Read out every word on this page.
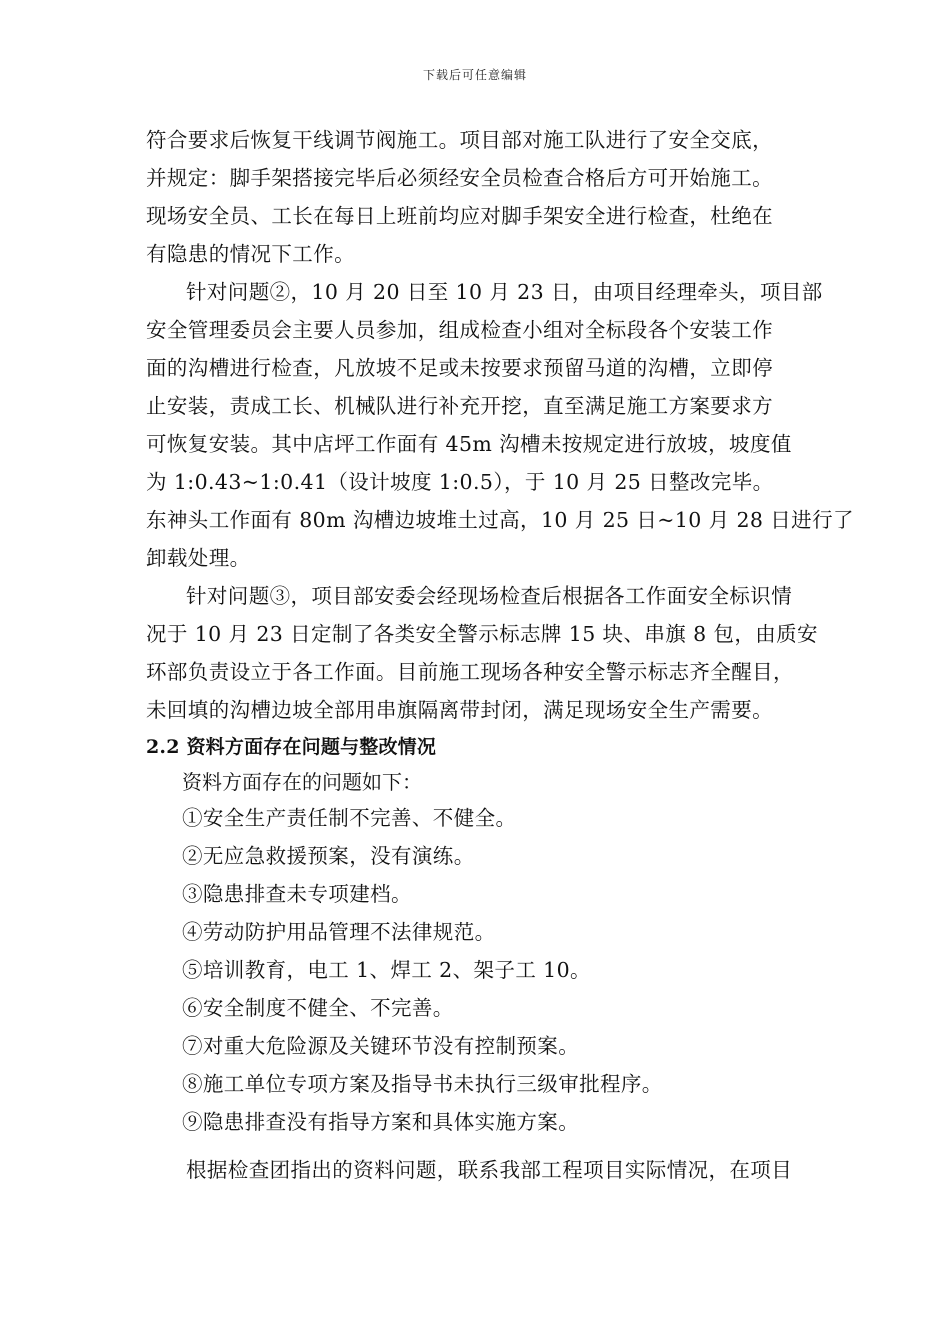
下载后可任意编辑
符合要求后恢复干线调节阀施工。项目部对施工队进行了安全交底，
并规定：脚手架搭接完毕后必须经安全员检查合格后方可开始施工。
现场安全员、工长在每日上班前均应对脚手架安全进行检查，杜绝在
有隐患的情况下工作。
针对问题②，10 月 20 日至 10 月 23 日，由项目经理牵头，项目部
安全管理委员会主要人员参加，组成检查小组对全标段各个安装工作
面的沟槽进行检查，凡放坡不足或未按要求预留马道的沟槽，立即停
止安装，责成工长、机械队进行补充开挖，直至满足施工方案要求方
可恢复安装。其中店坪工作面有 45m 沟槽未按规定进行放坡，坡度值
为 1:0.43~1:0.41（设计坡度 1:0.5），于 10 月 25 日整改完毕。
东神头工作面有 80m 沟槽边坡堆土过高，10 月 25 日~10 月 28 日进行了
卸载处理。
针对问题③，项目部安委会经现场检查后根据各工作面安全标识情
况于 10 月 23 日定制了各类安全警示标志牌 15 块、串旗 8 包，由质安
环部负责设立于各工作面。目前施工现场各种安全警示标志齐全醒目，
未回填的沟槽边坡全部用串旗隔离带封闭，满足现场安全生产需要。
2.2 资料方面存在问题与整改情况
资料方面存在的问题如下：
①安全生产责任制不完善、不健全。
②无应急救援预案，没有演练。
③隐患排查未专项建档。
④劳动防护用品管理不法律规范。
⑤培训教育，电工 1、焊工 2、架子工 10。
⑥安全制度不健全、不完善。
⑦对重大危险源及关键环节没有控制预案。
⑧施工单位专项方案及指导书未执行三级审批程序。
⑨隐患排查没有指导方案和具体实施方案。
根据检查团指出的资料问题，联系我部工程项目实际情况，在项目
